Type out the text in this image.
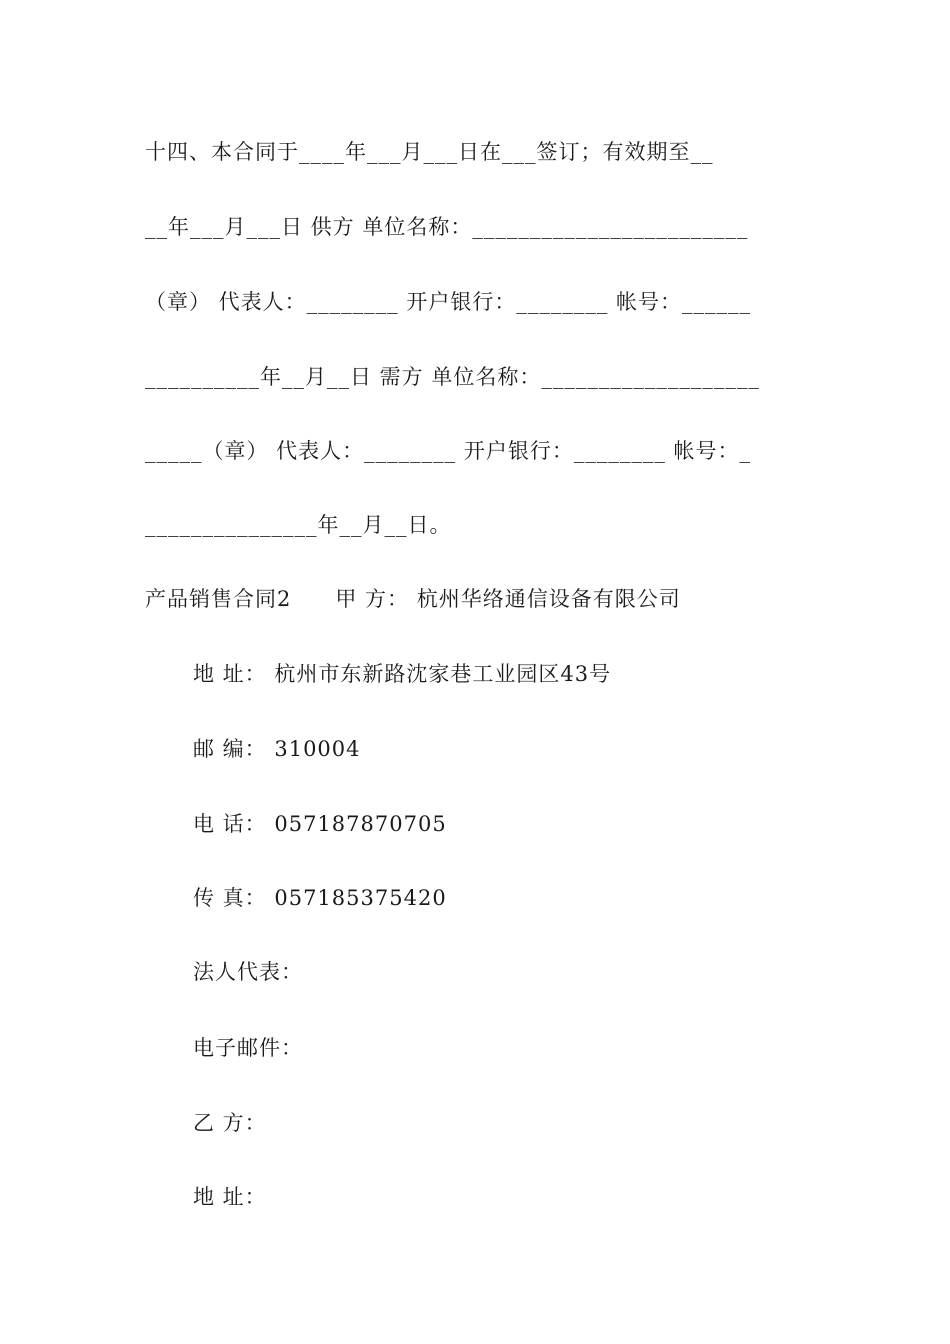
十四、本合同于____年___月___日在___签订；有效期至__
__年___月___日 供方 单位名称：________________________
（章） 代表人：________ 开户银行：________ 帐号：______
__________年__月__日 需方 单位名称：___________________
_____（章） 代表人：________ 开户银行：________ 帐号：_
_______________年__月__日。
产品销售合同2　　甲 方： 杭州华络通信设备有限公司
地 址： 杭州市东新路沈家巷工业园区43号
邮 编： 310004
电 话： 057187870705
传 真： 057185375420
法人代表：
电子邮件：
乙 方：
地 址：
